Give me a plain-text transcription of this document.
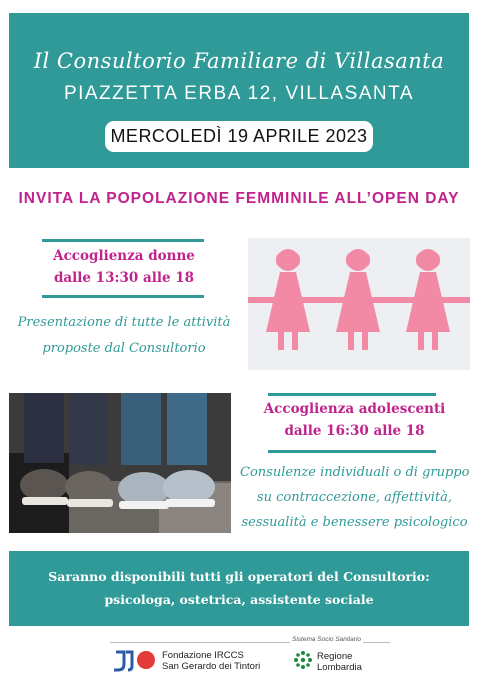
Il Consultorio Familiare di Villasanta
PIAZZETTA ERBA 12, VILLASANTA
MERCOLEDÌ 19 APRILE 2023
INVITA LA POPOLAZIONE FEMMINILE ALL’OPEN DAY
Accoglienza donne
dalle 13:30 alle 18
Presentazione di tutte le attività
proposte dal Consultorio
Accoglienza adolescenti
dalle 16:30 alle 18
Consulenze individuali o di gruppo
su contraccezione, affettività,
sessualità e benessere psicologico
Saranno disponibili tutti gli operatori del Consultorio:
psicologa, ostetrica, assistente sociale
Sistema Socio Sanitario
Fondazione IRCCS
San Gerardo dei Tintori
Regione
Lombardia
